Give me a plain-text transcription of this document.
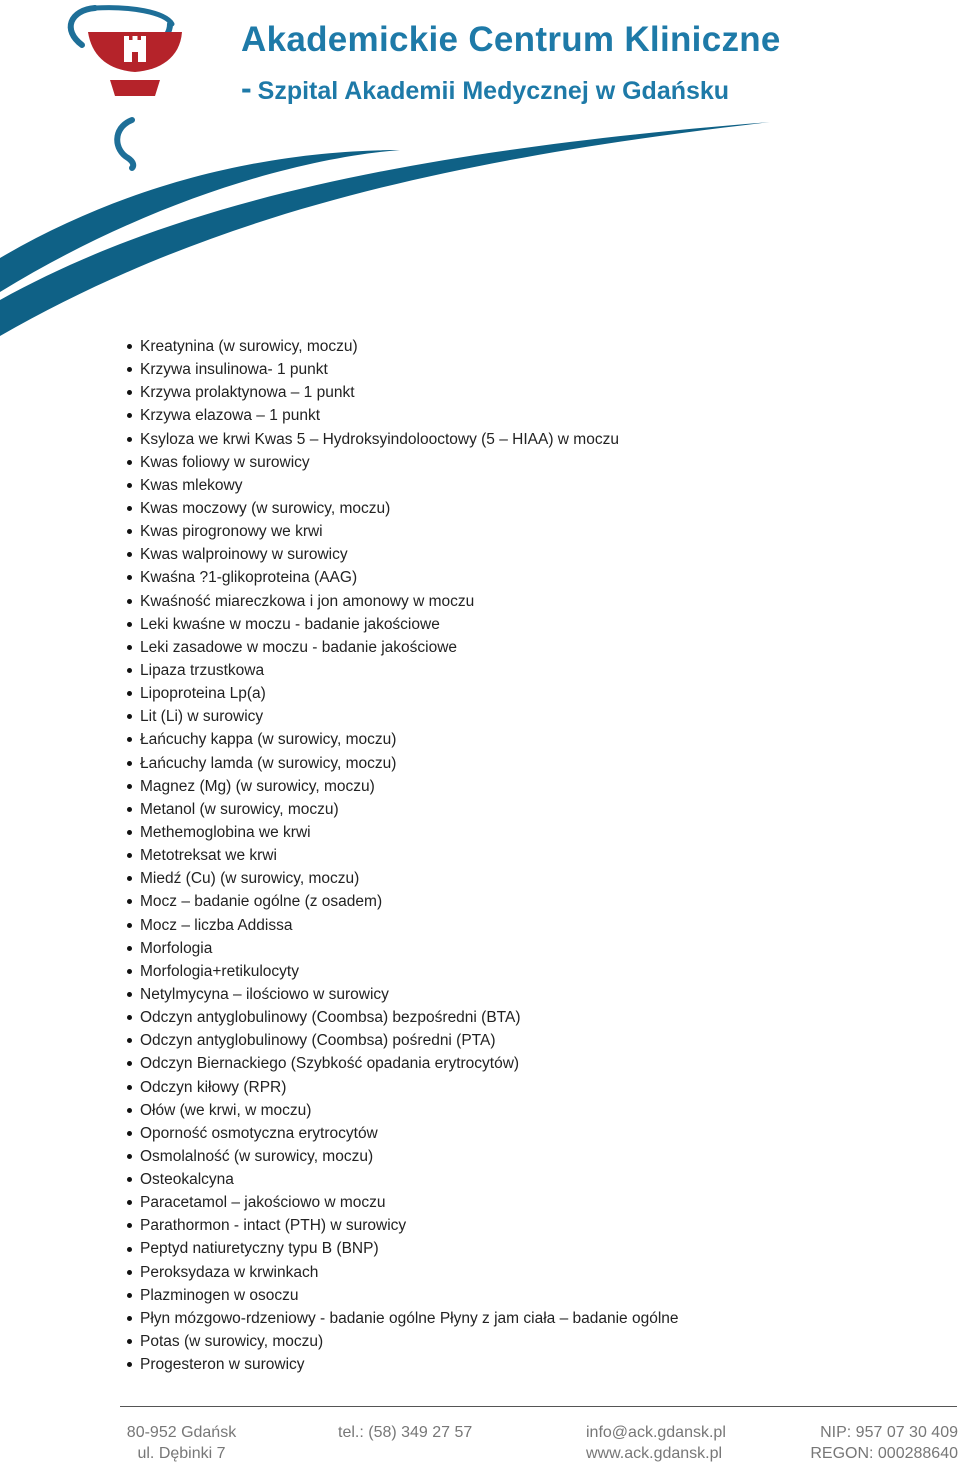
Akademickie Centrum Kliniczne
- Szpital Akademii Medycznej w Gdańsku
Kreatynina (w surowicy, moczu)
Krzywa insulinowa- 1 punkt
Krzywa prolaktynowa – 1 punkt
Krzywa elazowa – 1 punkt
Ksyloza we krwi Kwas 5 – Hydroksyindolooctowy (5 – HIAA) w moczu
Kwas foliowy w surowicy
Kwas mlekowy
Kwas moczowy (w surowicy, moczu)
Kwas pirogronowy we krwi
Kwas walproinowy w surowicy
Kwaśna ?1-glikoproteina (AAG)
Kwaśność miareczkowa i jon amonowy w moczu
Leki kwaśne w moczu - badanie jakościowe
Leki zasadowe w moczu - badanie jakościowe
Lipaza trzustkowa
Lipoproteina Lp(a)
Lit (Li) w surowicy
Łańcuchy kappa (w surowicy, moczu)
Łańcuchy lamda (w surowicy, moczu)
Magnez (Mg) (w surowicy, moczu)
Metanol (w surowicy, moczu)
Methemoglobina we krwi
Metotreksat we krwi
Miedź (Cu) (w surowicy, moczu)
Mocz – badanie ogólne (z osadem)
Mocz – liczba Addissa
Morfologia
Morfologia+retikulocyty
Netylmycyna – ilościowo w surowicy
Odczyn antyglobulinowy (Coombsa) bezpośredni (BTA)
Odczyn antyglobulinowy (Coombsa) pośredni (PTA)
Odczyn Biernackiego (Szybkość opadania erytrocytów)
Odczyn kiłowy (RPR)
Ołów (we krwi, w moczu)
Oporność osmotyczna erytrocytów
Osmolalność (w surowicy, moczu)
Osteokalcyna
Paracetamol – jakościowo w moczu
Parathormon - intact (PTH) w surowicy
Peptyd natiuretyczny typu B (BNP)
Peroksydaza w krwinkach
Plazminogen w osoczu
Płyn mózgowo-rdzeniowy - badanie ogólne Płyny z jam ciała – badanie ogólne
Potas (w surowicy, moczu)
Progesteron w surowicy
80-952 Gdańsk
ul. Dębinki 7
tel.: (58) 349 27 57	info@ack.gdansk.pl
www.ack.gdansk.pl
NIP: 957 07 30 409
REGON: 000288640
